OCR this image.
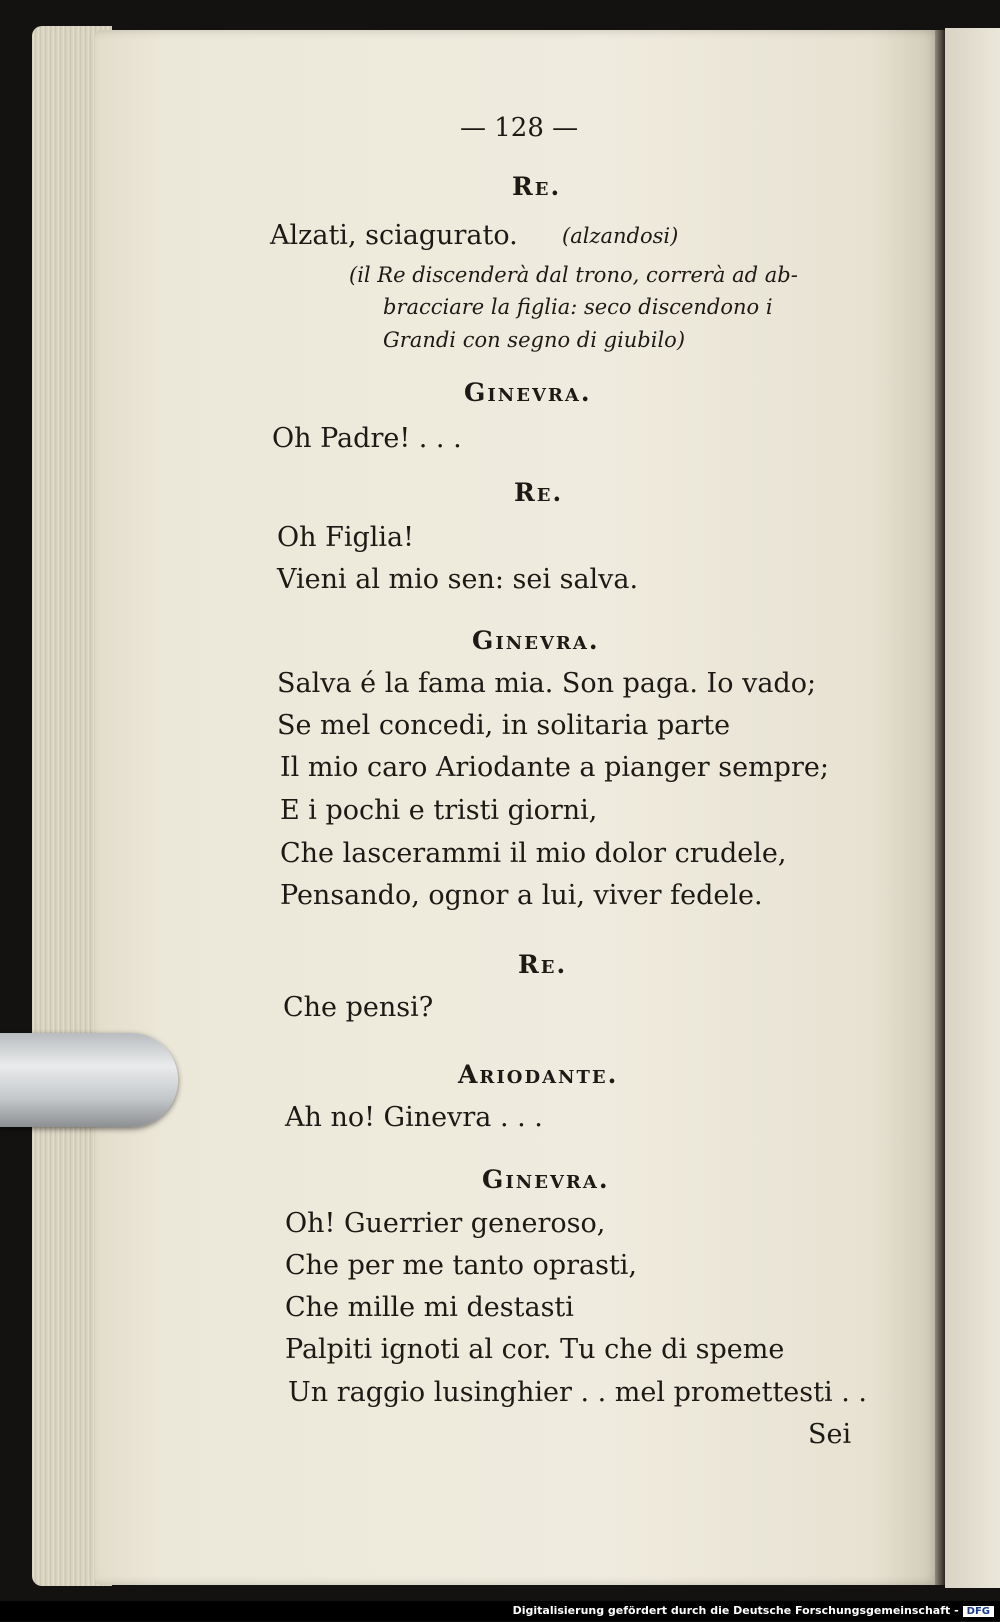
— 128 —
Re.
Alzati, sciagurato. (alzandosi)
(il Re discenderà dal trono, correrà ad ab-
bracciare la figlia: seco discendono i
Grandi con segno di giubilo)
Ginevra.
Oh Padre! . . .
Re.
Oh Figlia!
Vieni al mio sen: sei salva.
Ginevra.
Salva é la fama mia. Son paga. Io vado;
Se mel concedi, in solitaria parte
Il mio caro Ariodante a pianger sempre;
E i pochi e tristi giorni,
Che lascerammi il mio dolor crudele,
Pensando, ognor a lui, viver fedele.
Re.
Che pensi?
Ariodante.
Ah no! Ginevra . . .
Ginevra.
Oh! Guerrier generoso,
Che per me tanto oprasti,
Che mille mi destasti
Palpiti ignoti al cor. Tu che di speme
Un raggio lusinghier . . mel promettesti . .
Sei
Digitalisierung gefördert durch die Deutsche Forschungsgemeinschaft - DFG
